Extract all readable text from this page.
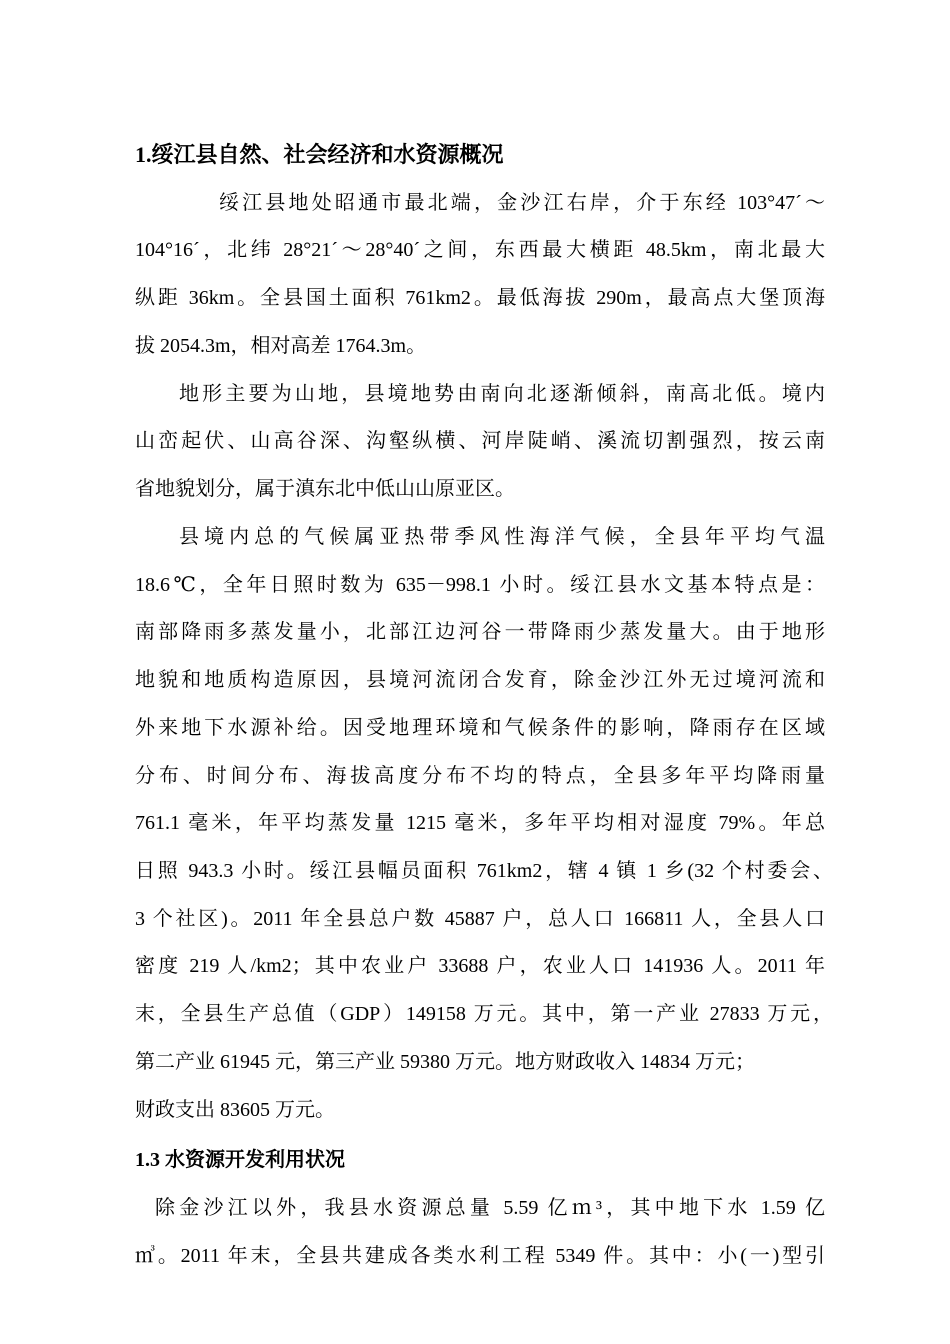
1.绥江县自然、社会经济和水资源概况
绥江县地处昭通市最北端，金沙江右岸，介于东经 103°47´～
104°16´，北纬 28°21´～28°40´之间，东西最大横距 48.5km，南北最大
纵距 36km。全县国土面积 761km2。最低海拔 290m，最高点大堡顶海
拔 2054.3m，相对高差 1764.3m。
地形主要为山地，县境地势由南向北逐渐倾斜，南高北低。境内
山峦起伏、山高谷深、沟壑纵横、河岸陡峭、溪流切割强烈，按云南
省地貌划分，属于滇东北中低山山原亚区。
县境内总的气候属亚热带季风性海洋气候，全县年平均气温
18.6℃，全年日照时数为 635－998.1 小时。绥江县水文基本特点是：
南部降雨多蒸发量小，北部江边河谷一带降雨少蒸发量大。由于地形
地貌和地质构造原因，县境河流闭合发育，除金沙江外无过境河流和
外来地下水源补给。因受地理环境和气候条件的影响，降雨存在区域
分布、时间分布、海拔高度分布不均的特点，全县多年平均降雨量
761.1 毫米，年平均蒸发量 1215 毫米，多年平均相对湿度 79%。年总
日照 943.3 小时。绥江县幅员面积 761km2，辖 4 镇 1 乡(32 个村委会、
3 个社区)。2011 年全县总户数 45887 户，总人口 166811 人，全县人口
密度 219 人/km2；其中农业户 33688 户，农业人口 141936 人。2011 年
末，全县生产总值（GDP）149158 万元。其中，第一产业 27833 万元，
第二产业 61945 元，第三产业 59380 万元。地方财政收入 14834 万元；
财政支出 83605 万元。
1.3 水资源开发利用状况
除金沙江以外，我县水资源总量 5.59 亿ｍ³，其中地下水 1.59 亿
㎥。2011 年末，全县共建成各类水利工程 5349 件。其中：小(一)型引
